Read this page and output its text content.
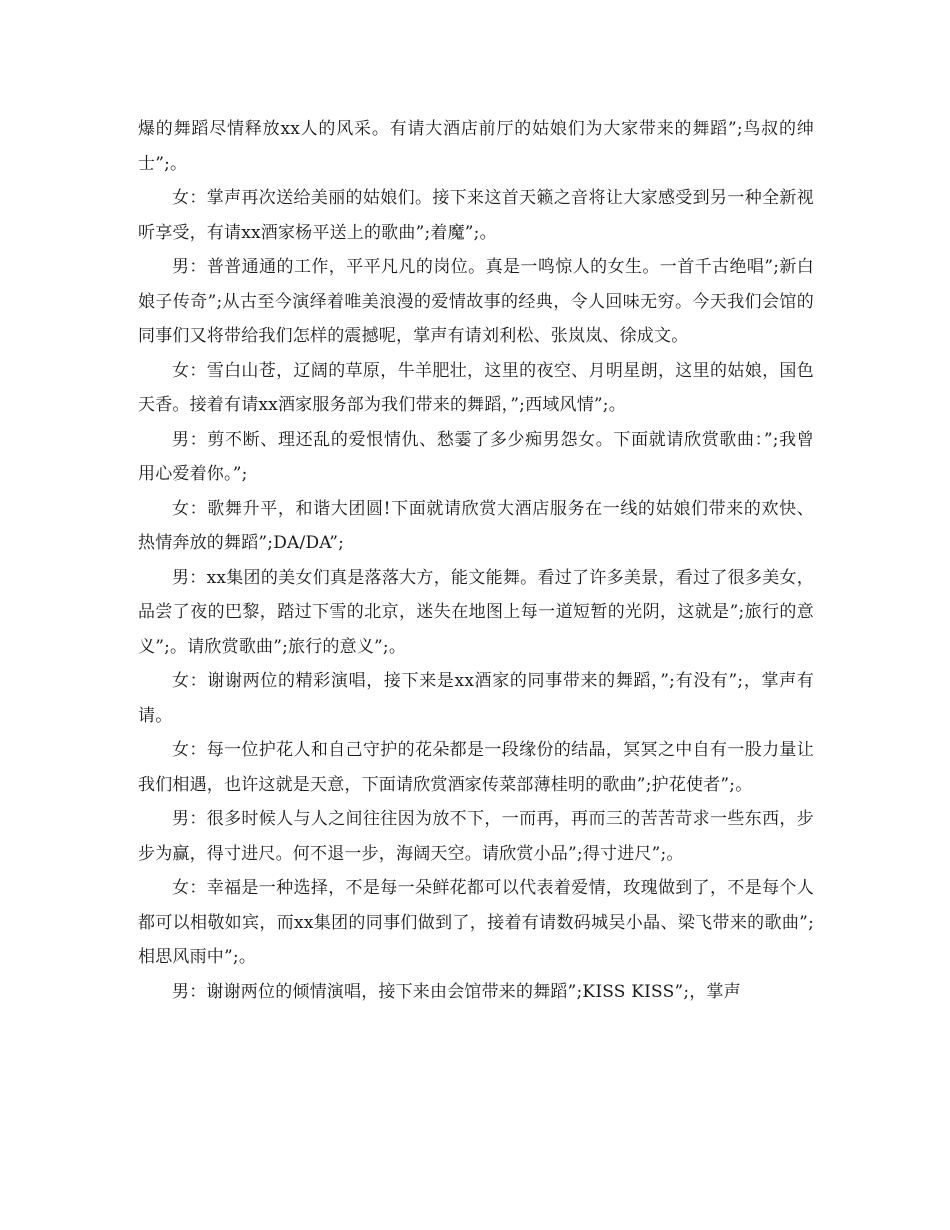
爆的舞蹈尽情释放xx人的风采。有请大酒店前厅的姑娘们为大家带来的舞蹈”;鸟叔的绅士”;。

女：掌声再次送给美丽的姑娘们。接下来这首天籁之音将让大家感受到另一种全新视听享受，有请xx酒家杨平送上的歌曲”;着魔”;。

男：普普通通的工作，平平凡凡的岗位。真是一鸣惊人的女生。一首千古绝唱”;新白娘子传奇”;从古至今演绎着唯美浪漫的爱情故事的经典，令人回味无穷。今天我们会馆的同事们又将带给我们怎样的震撼呢，掌声有请刘利松、张岚岚、徐成文。

女：雪白山苍，辽阔的草原，牛羊肥壮，这里的夜空、月明星朗，这里的姑娘，国色天香。接着有请xx酒家服务部为我们带来的舞蹈，”;西域风情”;。

男：剪不断、理还乱的爱恨情仇、愁霎了多少痴男怨女。下面就请欣赏歌曲：”;我曾用心爱着你。”;

女：歌舞升平，和谐大团圆!下面就请欣赏大酒店服务在一线的姑娘们带来的欢快、热情奔放的舞蹈”;DA/DA”;

男：xx集团的美女们真是落落大方，能文能舞。看过了许多美景，看过了很多美女，品尝了夜的巴黎，踏过下雪的北京，迷失在地图上每一道短暂的光阴，这就是”;旅行的意义”;。请欣赏歌曲”;旅行的意义”;。

女：谢谢两位的精彩演唱，接下来是xx酒家的同事带来的舞蹈，”;有没有”;，掌声有请。

女：每一位护花人和自己守护的花朵都是一段缘份的结晶，冥冥之中自有一股力量让我们相遇，也许这就是天意，下面请欣赏酒家传菜部薄桂明的歌曲”;护花使者”;。

男：很多时候人与人之间往往因为放不下，一而再，再而三的苦苦苛求一些东西，步步为赢，得寸进尺。何不退一步，海阔天空。请欣赏小品”;得寸进尺”;。

女：幸福是一种选择，不是每一朵鲜花都可以代表着爱情，玫瑰做到了，不是每个人都可以相敬如宾，而xx集团的同事们做到了，接着有请数码城吴小晶、梁飞带来的歌曲”;相思风雨中”;。

男：谢谢两位的倾情演唱，接下来由会馆带来的舞蹈”;KISS KISS”;，掌声
